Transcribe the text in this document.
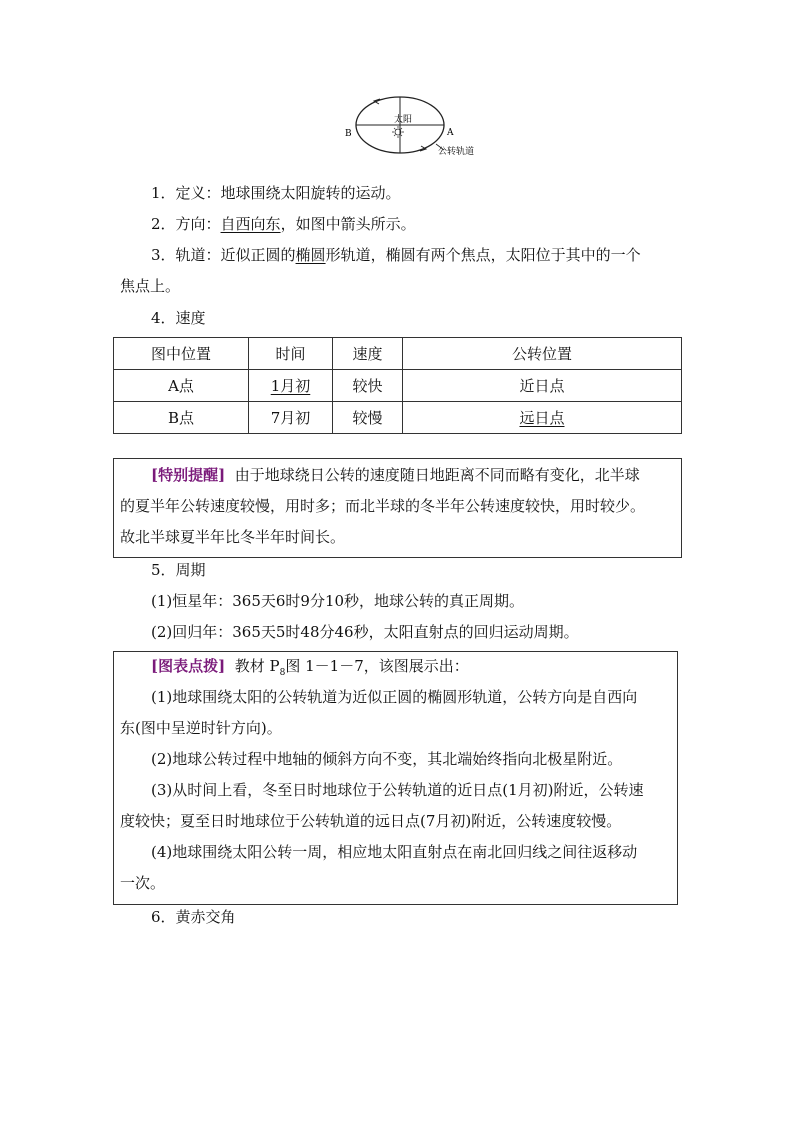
B	A
太阳
公转轨道
1．定义：地球围绕太阳旋转的运动。
2．方向：自西向东，如图中箭头所示。
3．轨道：近似正圆的椭圆形轨道，椭圆有两个焦点，太阳位于其中的一个
焦点上。
4．速度
图中位置	时间	速度	公转位置
A点	1月初	较快	近日点
B点	7月初	较慢	远日点
[特别提醒] 由于地球绕日公转的速度随日地距离不同而略有变化，北半球
的夏半年公转速度较慢，用时多；而北半球的冬半年公转速度较快，用时较少。
故北半球夏半年比冬半年时间长。
5．周期
(1)恒星年：365天6时9分10秒，地球公转的真正周期。
(2)回归年：365天5时48分46秒，太阳直射点的回归运动周期。
[图表点拨] 教材 $P_8$图 1－1－7，该图展示出：
(1)地球围绕太阳的公转轨道为近似正圆的椭圆形轨道，公转方向是自西向
东(图中呈逆时针方向)。
(2)地球公转过程中地轴的倾斜方向不变，其北端始终指向北极星附近。
(3)从时间上看，冬至日时地球位于公转轨道的近日点(1月初)附近，公转速
度较快；夏至日时地球位于公转轨道的远日点(7月初)附近，公转速度较慢。
(4)地球围绕太阳公转一周，相应地太阳直射点在南北回归线之间往返移动
一次。
6．黄赤交角
